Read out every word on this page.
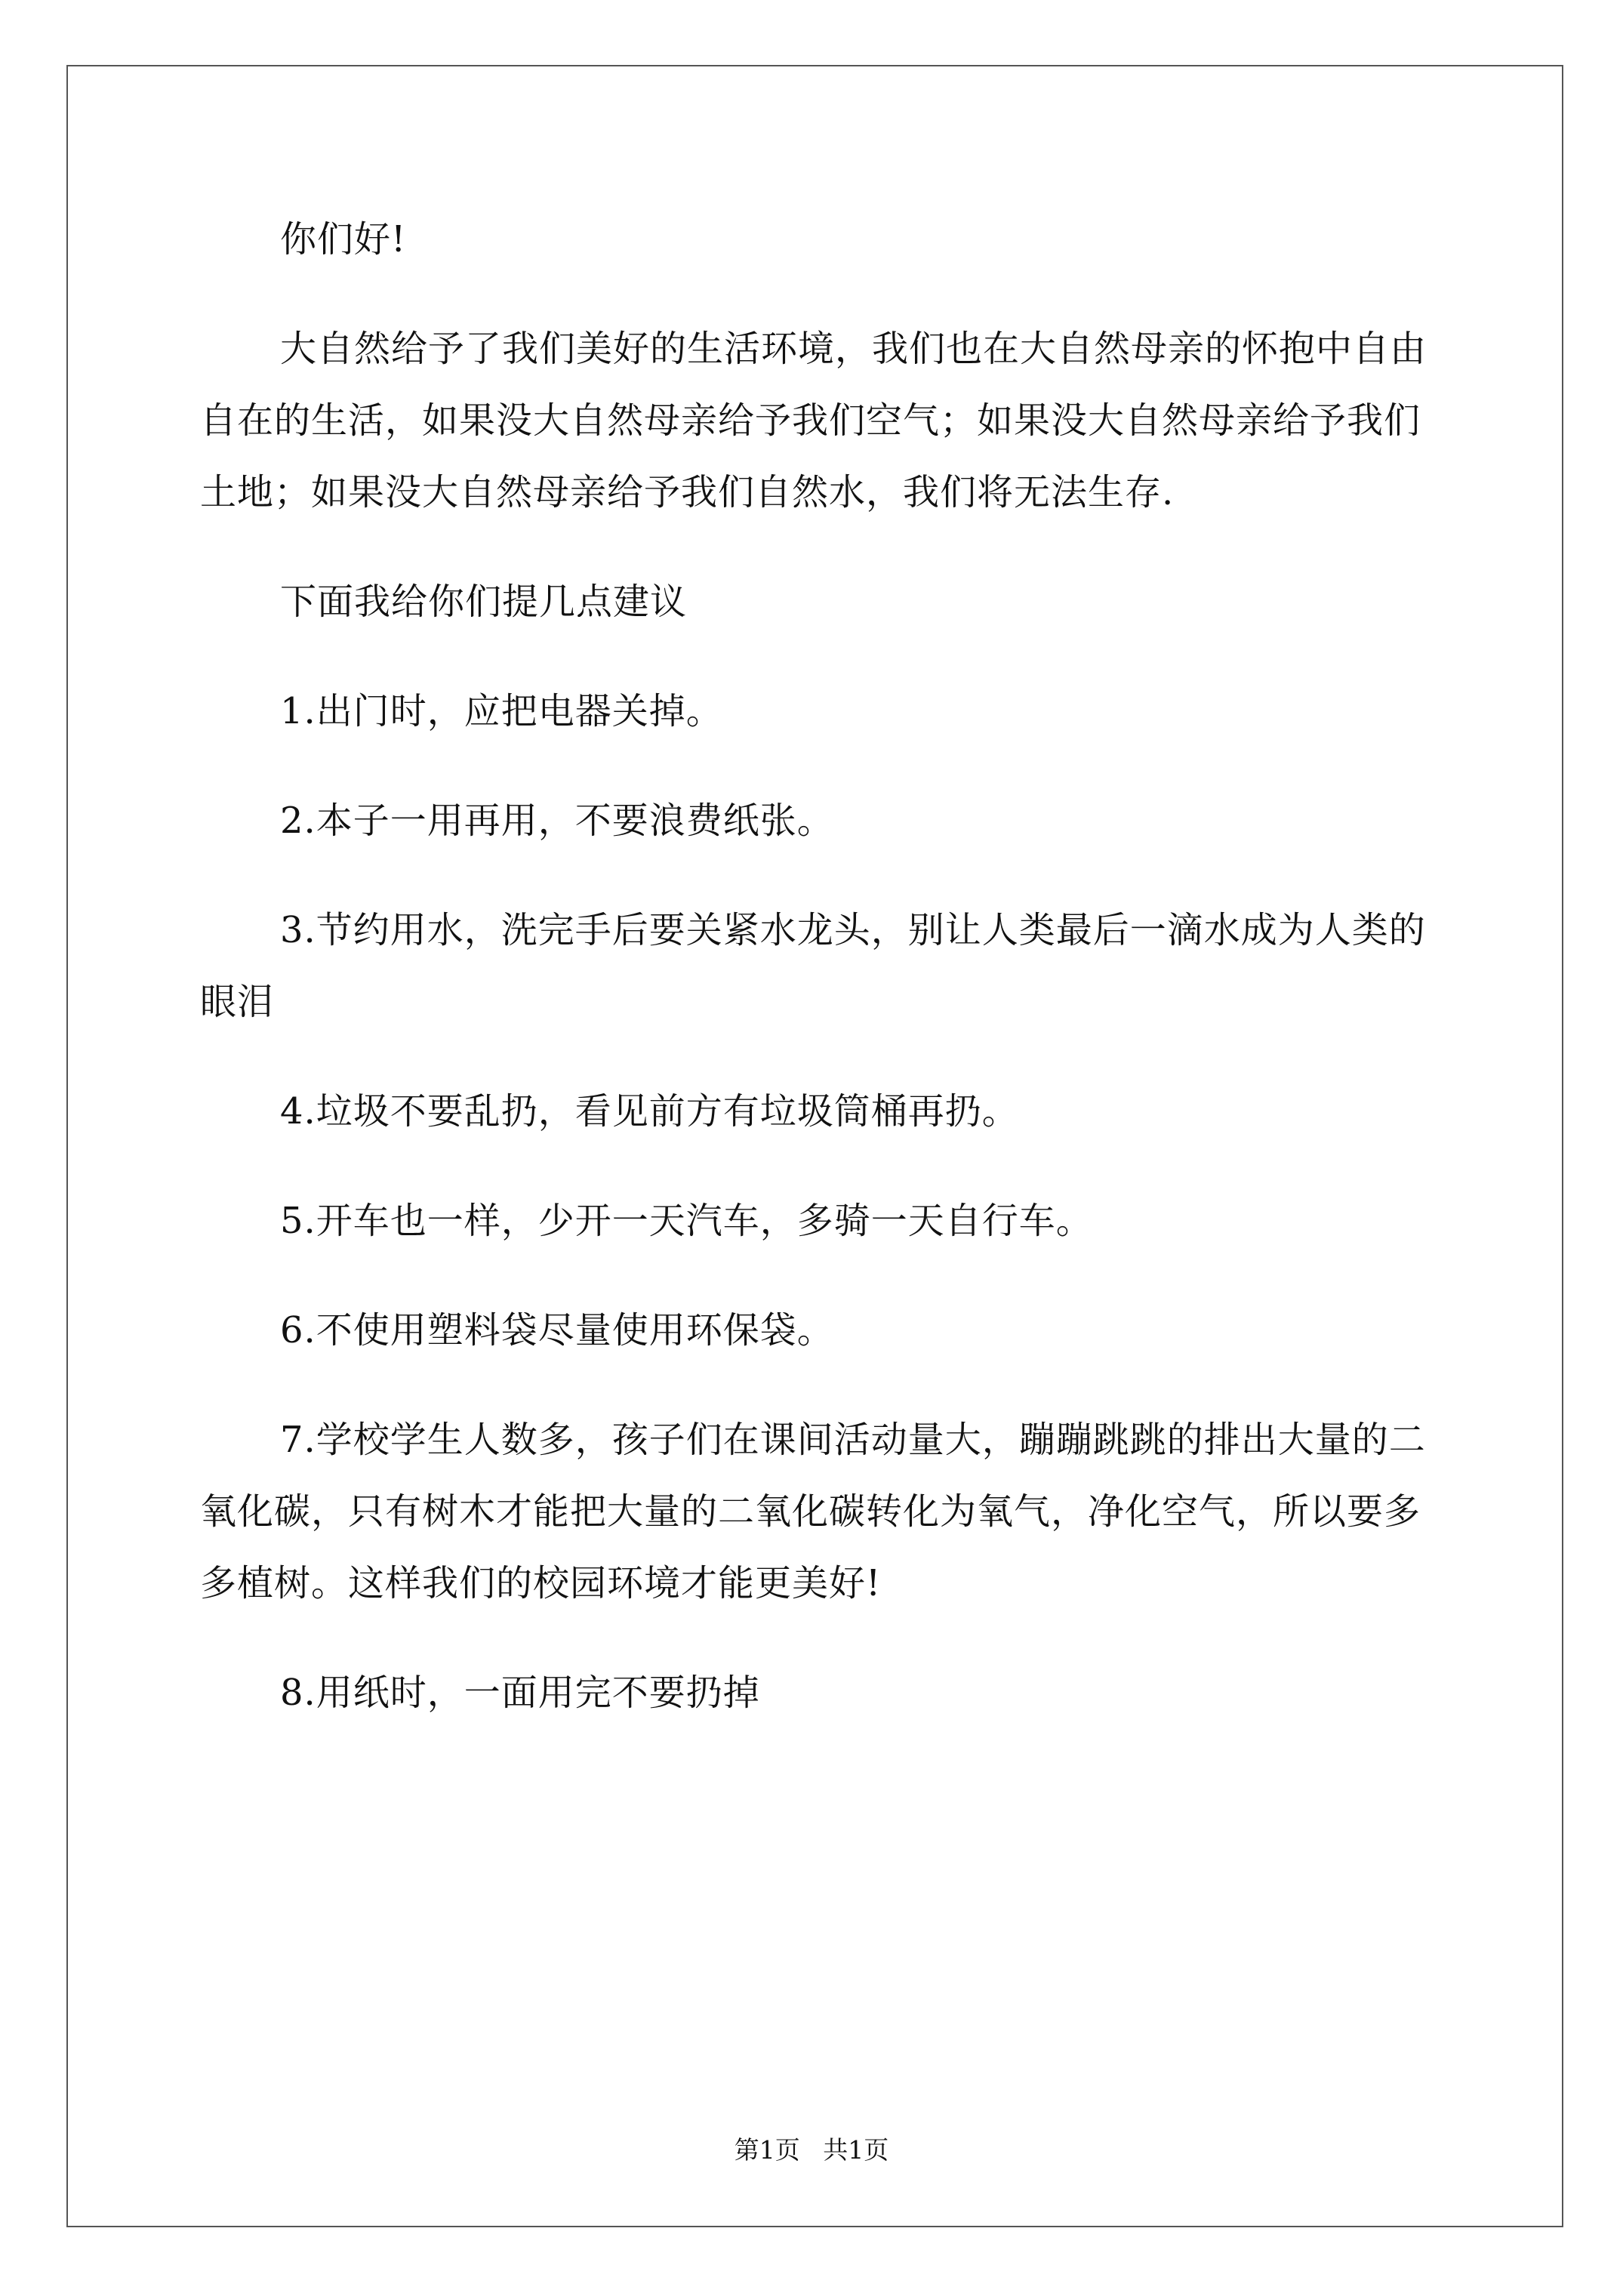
你们好!

大自然给予了我们美好的生活环境，我们也在大自然母亲的怀抱中自由自在的生活，如果没大自然母亲给予我们空气；如果没大自然母亲给予我们土地；如果没大自然母亲给予我们自然水，我们将无法生存.

下面我给你们提几点建议

1.出门时，应把电器关掉。

2.本子一用再用，不要浪费纸张。

3.节约用水，洗完手后要关紧水龙头，别让人类最后一滴水成为人类的眼泪

4.垃圾不要乱扔，看见前方有垃圾筒桶再扔。

5.开车也一样，少开一天汽车，多骑一天自行车。

6.不使用塑料袋尽量使用环保袋。

7.学校学生人数多，孩子们在课间活动量大，蹦蹦跳跳的排出大量的二氧化碳，只有树木才能把大量的二氧化碳转化为氧气，净化空气，所以要多多植树。这样我们的校园环境才能更美好!

8.用纸时，一面用完不要扔掉

第1页 共1页
